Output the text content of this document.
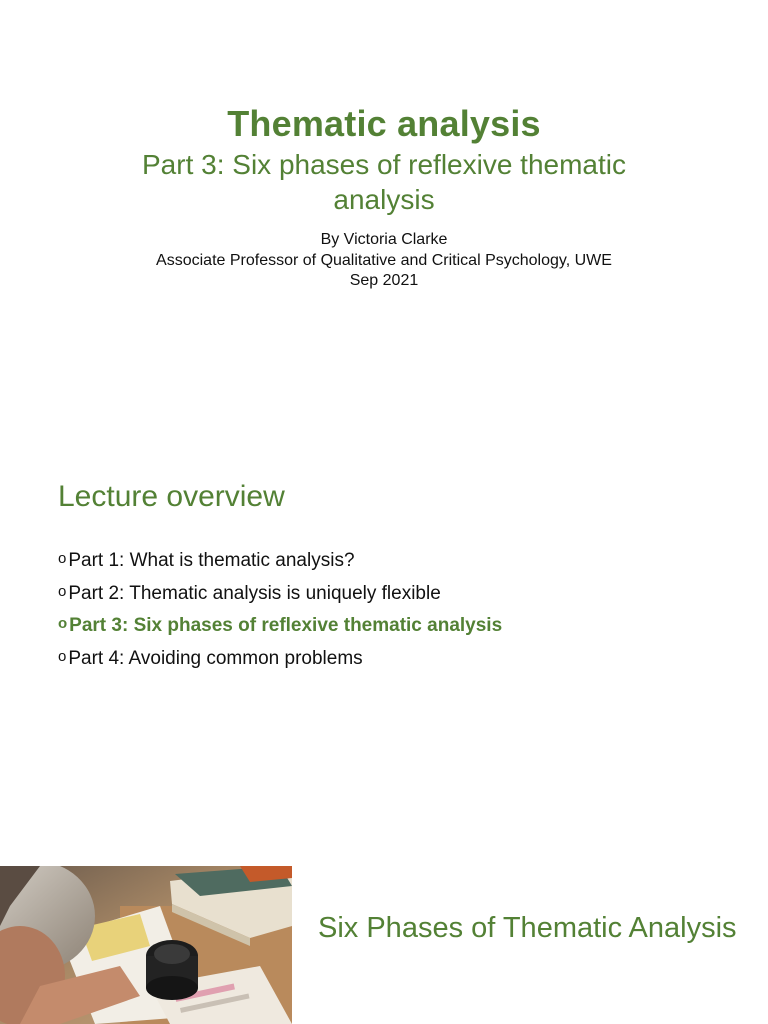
Thematic analysis
Part 3: Six phases of reflexive thematic analysis
By Victoria Clarke
Associate Professor of Qualitative and Critical Psychology, UWE
Sep 2021
Lecture overview
o Part 1: What is thematic analysis?
o Part 2: Thematic analysis is uniquely flexible
o Part 3: Six phases of reflexive thematic analysis
o Part 4: Avoiding common problems
Six Phases of Thematic Analysis
